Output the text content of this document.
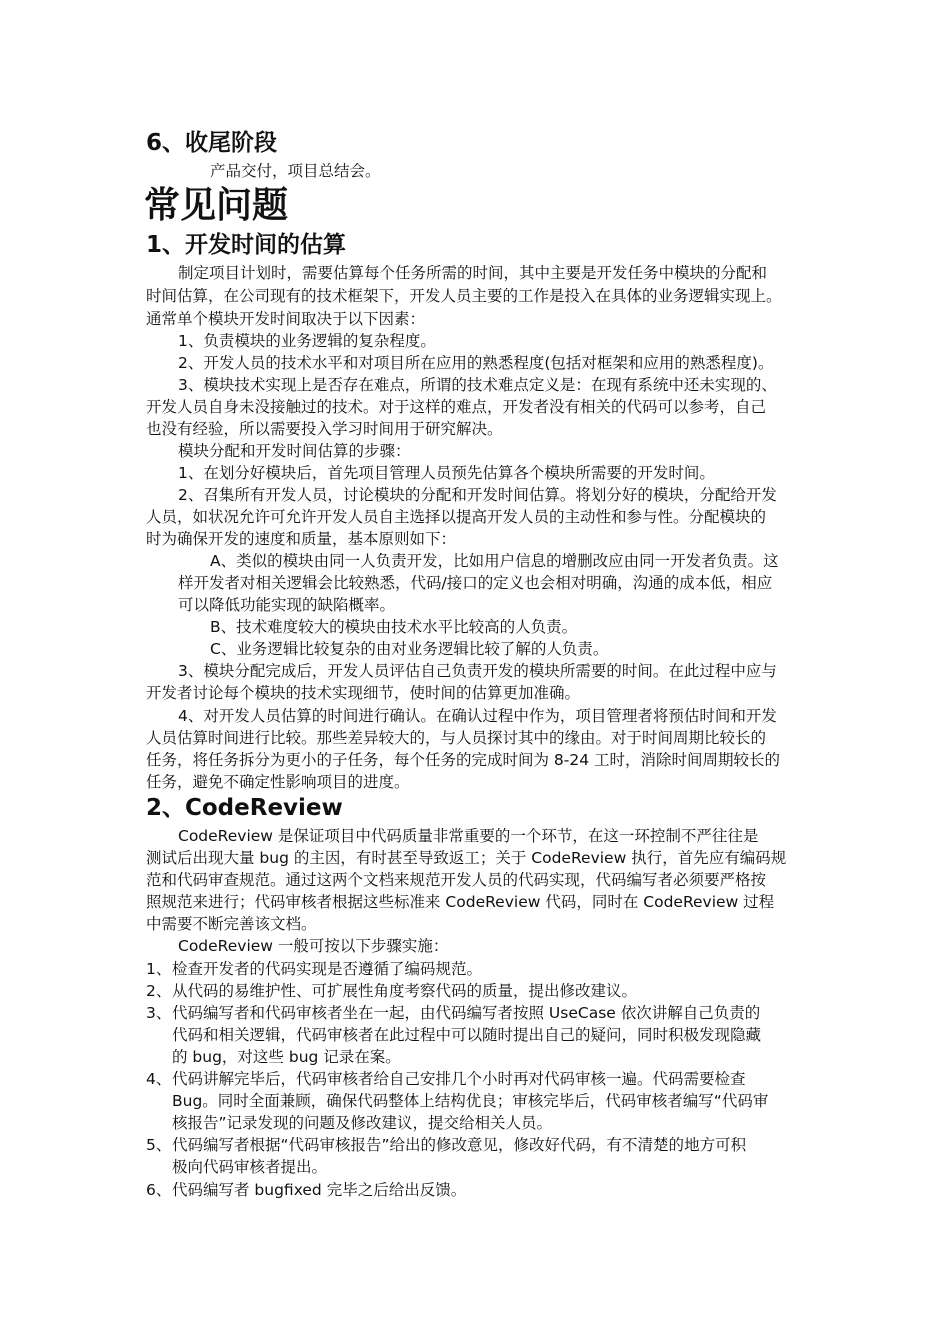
6、收尾阶段
产品交付，项目总结会。
常见问题
1、开发时间的估算
制定项目计划时，需要估算每个任务所需的时间，其中主要是开发任务中模块的分配和
时间估算，在公司现有的技术框架下，开发人员主要的工作是投入在具体的业务逻辑实现上。
通常单个模块开发时间取决于以下因素：
1、负责模块的业务逻辑的复杂程度。
2、开发人员的技术水平和对项目所在应用的熟悉程度(包括对框架和应用的熟悉程度)。
3、模块技术实现上是否存在难点，所谓的技术难点定义是：在现有系统中还未实现的、
开发人员自身未没接触过的技术。对于这样的难点，开发者没有相关的代码可以参考，自己
也没有经验，所以需要投入学习时间用于研究解决。
模块分配和开发时间估算的步骤：
1、在划分好模块后，首先项目管理人员预先估算各个模块所需要的开发时间。
2、召集所有开发人员，讨论模块的分配和开发时间估算。将划分好的模块，分配给开发
人员，如状况允许可允许开发人员自主选择以提高开发人员的主动性和参与性。分配模块的
时为确保开发的速度和质量，基本原则如下：
A、类似的模块由同一人负责开发，比如用户信息的增删改应由同一开发者负责。这
样开发者对相关逻辑会比较熟悉，代码/接口的定义也会相对明确，沟通的成本低，相应
可以降低功能实现的缺陷概率。
B、技术难度较大的模块由技术水平比较高的人负责。
C、业务逻辑比较复杂的由对业务逻辑比较了解的人负责。
3、模块分配完成后，开发人员评估自己负责开发的模块所需要的时间。在此过程中应与
开发者讨论每个模块的技术实现细节，使时间的估算更加准确。
4、对开发人员估算的时间进行确认。在确认过程中作为，项目管理者将预估时间和开发
人员估算时间进行比较。那些差异较大的，与人员探讨其中的缘由。对于时间周期比较长的
任务，将任务拆分为更小的子任务，每个任务的完成时间为 8-24 工时，消除时间周期较长的
任务，避免不确定性影响项目的进度。
2、CodeReview
CodeReview 是保证项目中代码质量非常重要的一个环节，在这一环控制不严往往是
测试后出现大量 bug 的主因，有时甚至导致返工；关于 CodeReview 执行，首先应有编码规
范和代码审查规范。通过这两个文档来规范开发人员的代码实现，代码编写者必须要严格按
照规范来进行；代码审核者根据这些标准来 CodeReview 代码，同时在 CodeReview 过程
中需要不断完善该文档。
CodeReview 一般可按以下步骤实施：
1、 检查开发者的代码实现是否遵循了编码规范。
2、 从代码的易维护性、可扩展性角度考察代码的质量，提出修改建议。
3、 代码编写者和代码审核者坐在一起，由代码编写者按照 UseCase 依次讲解自己负责的
代码和相关逻辑，代码审核者在此过程中可以随时提出自己的疑问，同时积极发现隐藏
的 bug，对这些 bug 记录在案。
4、 代码讲解完毕后，代码审核者给自己安排几个小时再对代码审核一遍。代码需要检查
Bug。同时全面兼顾，确保代码整体上结构优良；审核完毕后，代码审核者编写“代码审
核报告”记录发现的问题及修改建议，提交给相关人员。
5、 代码编写者根据“代码审核报告”给出的修改意见，修改好代码，有不清楚的地方可积
极向代码审核者提出。
6、 代码编写者 bugfixed 完毕之后给出反馈。
